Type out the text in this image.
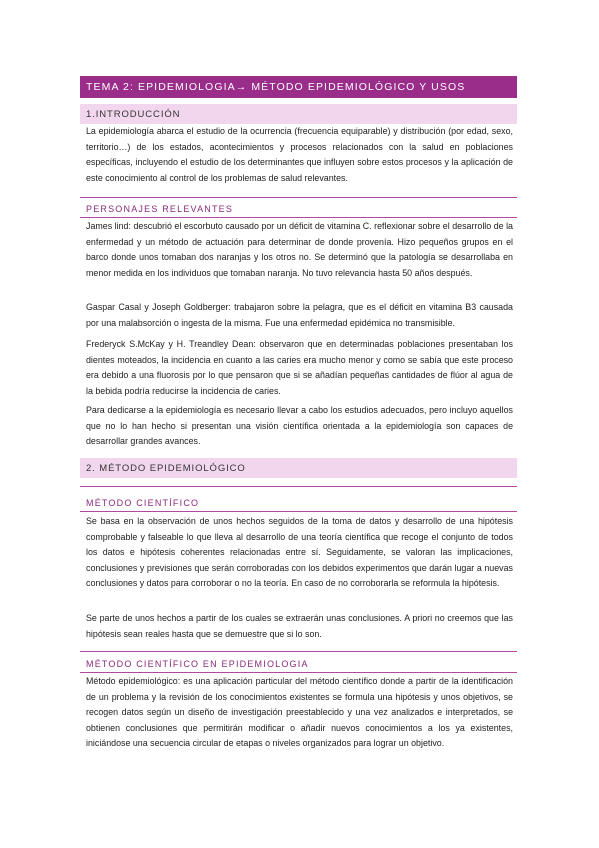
TEMA 2: EPIDEMIOLOGIA→ MÉTODO EPIDEMIOLÓGICO Y USOS
1.INTRODUCCIÓN

La epidemiología abarca el estudio de la ocurrencia (frecuencia equiparable) y distribución (por edad, sexo, territorio…) de los estados, acontecimientos y procesos relacionados con la salud en poblaciones específicas, incluyendo el estudio de los determinantes que influyen sobre estos procesos y la aplicación de este conocimiento al control de los problemas de salud relevantes.

PERSONAJES RELEVANTES

James lind: descubrió el escorbuto causado por un déficit de vitamina C. reflexionar sobre el desarrollo de la enfermedad y un método de actuación para determinar de donde provenía. Hizo pequeños grupos en el barco donde unos tomaban dos naranjas y los otros no. Se determinó que la patología se desarrollaba en menor medida en los individuos que tomaban naranja. No tuvo relevancia hasta 50 años después.

Gaspar Casal y Joseph Goldberger: trabajaron sobre la pelagra, que es el déficit en vitamina B3 causada por una malabsorción o ingesta de la misma. Fue una enfermedad epidémica no transmisible.

Frederyck S.McKay y H. Treandley Dean: observaron que en determinadas poblaciones presentaban los dientes moteados, la incidencia en cuanto a las caries era mucho menor y como se sabía que este proceso era debido a una fluorosis por lo que pensaron que si se añadían pequeñas cantidades de flúor al agua de la bebida podría reducirse la incidencia de caries.

Para dedicarse a la epidemiología es necesario llevar a cabo los estudios adecuados, pero incluyo aquellos que no lo han hecho si presentan una visión científica orientada a la epidemiología son capaces de desarrollar grandes avances.

2. MÉTODO EPIDEMIOLÓGICO
MÉTODO CIENTÍFICO

Se basa en la observación de unos hechos seguidos de la toma de datos y desarrollo de una hipótesis comprobable y falseable lo que lleva al desarrollo de una teoría científica que recoge el conjunto de todos los datos e hipótesis coherentes relacionadas entre sí. Seguidamente, se valoran las implicaciones, conclusiones y previsiones que serán corroboradas con los debidos experimentos que darán lugar a nuevas conclusiones y datos para corroborar o no la teoría. En caso de no corroborarla se reformula la hipótesis.

Se parte de unos hechos a partir de los cuales se extraerán unas conclusiones. A priori no creemos que las hipótesis sean reales hasta que se demuestre que si lo son.

MÉTODO CIENTÍFICO EN EPIDEMIOLOGIA

Método epidemiológico: es una aplicación particular del método científico donde a partir de la identificación de un problema y la revisión de los conocimientos existentes se formula una hipótesis y unos objetivos, se recogen datos según un diseño de investigación preestablecido y una vez analizados e interpretados, se obtienen conclusiones que permitirán modificar o añadir nuevos conocimientos a los ya existentes, iniciándose una secuencia circular de etapas o niveles organizados para lograr un objetivo.
